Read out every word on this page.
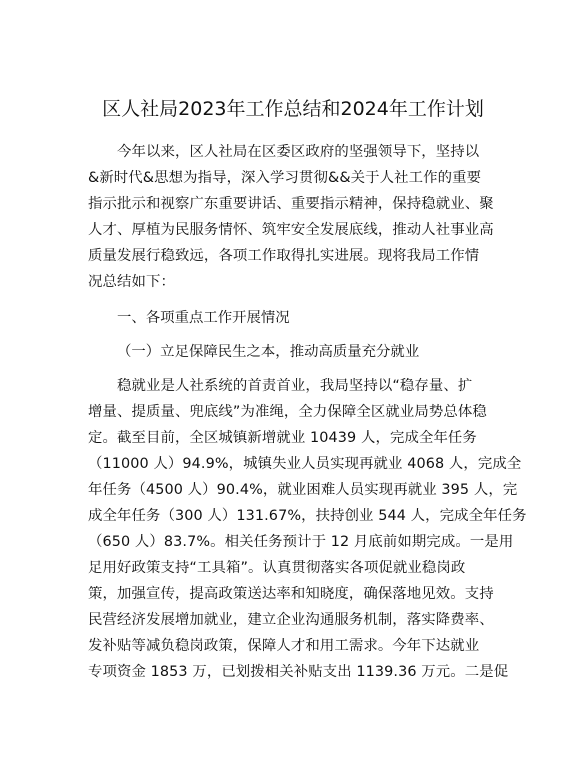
区人社局2023年工作总结和2024年工作计划
今年以来，区人社局在区委区政府的坚强领导下，坚持以
&新时代&思想为指导，深入学习贯彻&&关于人社工作的重要
指示批示和视察广东重要讲话、重要指示精神，保持稳就业、聚
人才、厚植为民服务情怀、筑牢安全发展底线，推动人社事业高
质量发展行稳致远，各项工作取得扎实进展。现将我局工作情
况总结如下：
一、各项重点工作开展情况
（一）立足保障民生之本，推动高质量充分就业
稳就业是人社系统的首责首业，我局坚持以“稳存量、扩
增量、提质量、兜底线”为准绳，全力保障全区就业局势总体稳
定。截至目前，全区城镇新增就业 10439 人，完成全年任务
（11000 人）94.9%，城镇失业人员实现再就业 4068 人，完成全
年任务（4500 人）90.4%，就业困难人员实现再就业 395 人，完
成全年任务（300 人）131.67%，扶持创业 544 人，完成全年任务
（650 人）83.7%。相关任务预计于 12 月底前如期完成。一是用
足用好政策支持“工具箱”。认真贯彻落实各项促就业稳岗政
策，加强宣传，提高政策送达率和知晓度，确保落地见效。支持
民营经济发展增加就业，建立企业沟通服务机制，落实降费率、
发补贴等减负稳岗政策，保障人才和用工需求。今年下达就业
专项资金 1853 万，已划拨相关补贴支出 1139.36 万元。二是促
